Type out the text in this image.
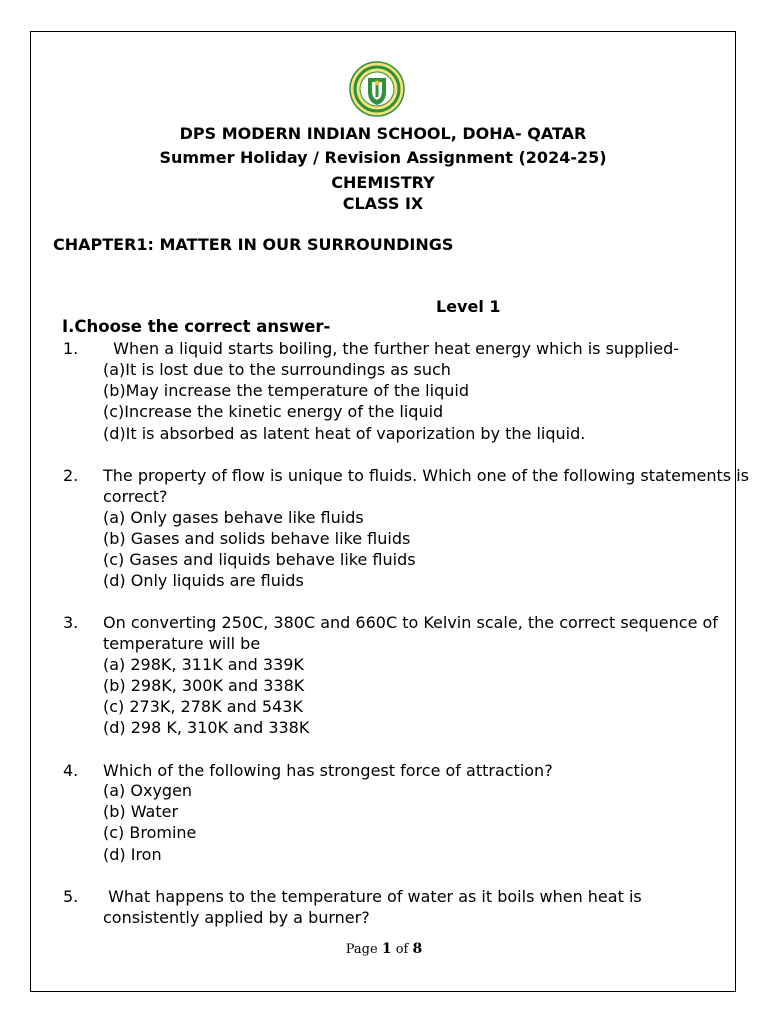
DPS MODERN INDIAN SCHOOL, DOHA- QATAR
Summer Holiday / Revision Assignment (2024-25)
CHEMISTRY
CLASS IX
CHAPTER1: MATTER IN OUR SURROUNDINGS
Level 1
I.Choose the correct answer-
1. When a liquid starts boiling, the further heat energy which is supplied-
(a)It is lost due to the surroundings as such
(b)May increase the temperature of the liquid
(c)Increase the kinetic energy of the liquid
(d)It is absorbed as latent heat of vaporization by the liquid.
2. The property of flow is unique to fluids. Which one of the following statements is
correct?
(a) Only gases behave like fluids
(b) Gases and solids behave like fluids
(c) Gases and liquids behave like fluids
(d) Only liquids are fluids
3. On converting 250C, 380C and 660C to Kelvin scale, the correct sequence of
temperature will be
(a) 298K, 311K and 339K
(b) 298K, 300K and 338K
(c) 273K, 278K and 543K
(d) 298 K, 310K and 338K
4. Which of the following has strongest force of attraction?
(a) Oxygen
(b) Water
(c) Bromine
(d) Iron
5. What happens to the temperature of water as it boils when heat is
consistently applied by a burner?
Page 1 of 8
